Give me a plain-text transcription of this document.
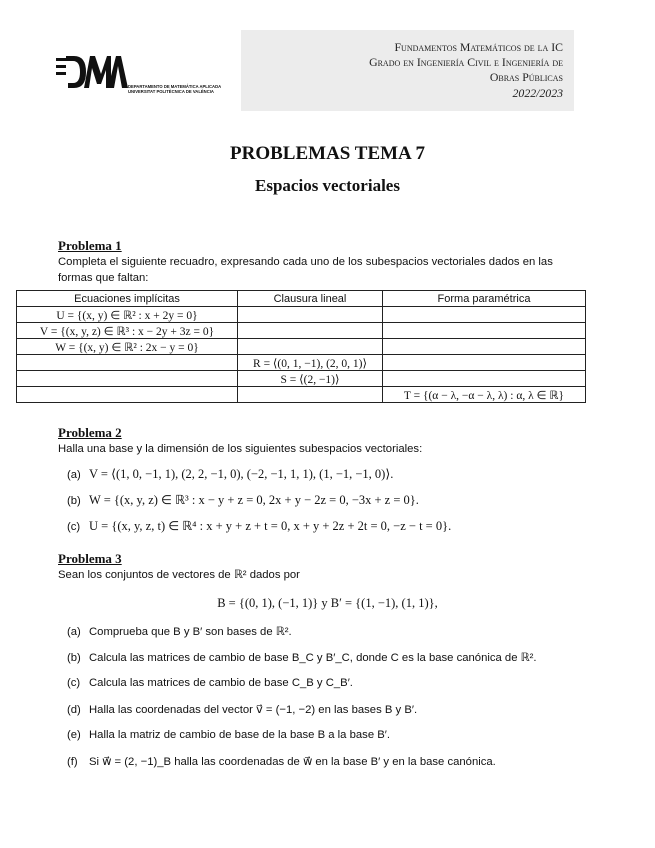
DEPARTAMENTO DE MATEMÁTICA APLICADA
UNIVERSITAT POLITÈCNICA DE VALÈNCIA
Fundamentos Matemáticos de la IC
Grado en Ingeniería Civil e Ingeniería de
Obras Públicas
2022/2023
PROBLEMAS TEMA 7
Espacios vectoriales
Problema 1
Completa el siguiente recuadro, expresando cada uno de los subespacios vectoriales dados en las formas que faltan:
Ecuaciones implícitas	Clausura lineal	Forma paramétrica
U = {(x, y) ∈ ℝ² : x + 2y = 0}		
V = {(x, y, z) ∈ ℝ³ : x − 2y + 3z = 0}		
W = {(x, y) ∈ ℝ² : 2x − y = 0}		
	R = ⟨(0, 1, −1), (2, 0, 1)⟩	
	S = ⟨(2, −1)⟩	
		T = {(α − λ, −α − λ, λ) : α, λ ∈ ℝ}
Problema 2
Halla una base y la dimensión de los siguientes subespacios vectoriales:
(a) V = ⟨(1, 0, −1, 1), (2, 2, −1, 0), (−2, −1, 1, 1), (1, −1, −1, 0)⟩.
(b) W = {(x, y, z) ∈ ℝ³ : x − y + z = 0, 2x + y − 2z = 0, −3x + z = 0}.
(c) U = {(x, y, z, t) ∈ ℝ⁴ : x + y + z + t = 0, x + y + 2z + 2t = 0, −z − t = 0}.
Problema 3
Sean los conjuntos de vectores de ℝ² dados por
B = {(0, 1), (−1, 1)} y B′ = {(1, −1), (1, 1)},
(a) Comprueba que B y B′ son bases de ℝ².
(b) Calcula las matrices de cambio de base B_C y B′_C, donde C es la base canónica de ℝ².
(c) Calcula las matrices de cambio de base C_B y C_B′.
(d) Halla las coordenadas del vector v⃗ = (−1, −2) en las bases B y B′.
(e) Halla la matriz de cambio de base de la base B a la base B′.
(f) Si w⃗ = (2, −1)_B halla las coordenadas de w⃗ en la base B′ y en la base canónica.
